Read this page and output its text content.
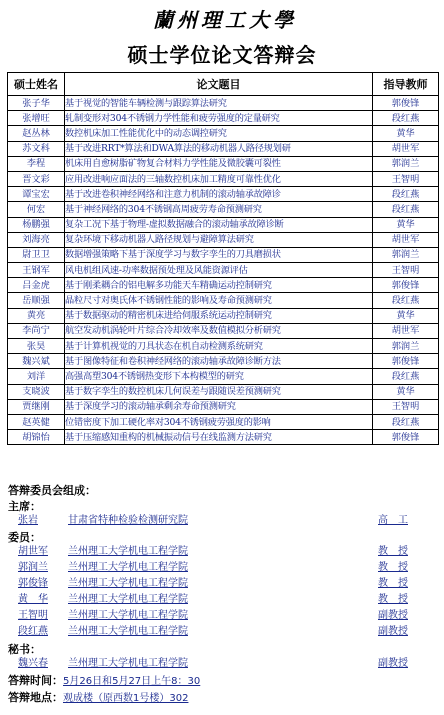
蘭州理工大學
硕士学位论文答辩会
硕士姓名	论文题目	指导教师
张子华	基于视觉的智能车辆检测与跟踪算法研究	郭俊锋
张增旺	轧制变形对304不锈钢力学性能和疲劳强度的定量研究	段红燕
赵丛林	数控机床加工性能优化中的动态调控研究	黄华
苏文科	基于改进RRT*算法和DWA算法的移动机器人路径规划研	胡世军
李程	机床用自愈树脂矿物复合材料力学性能及微胶囊可裂性	郭润兰
晋文彩	应用改进响应面法的三轴数控机床加工精度可靠性优化	王智明
谭宝宏	基于改进卷积神经网络和注意力机制的滚动轴承故障诊	段红燕
何宏	基于神经网络的304不锈钢高周疲劳寿命预测研究	段红燕
杨鹏强	复杂工况下基于物理-虚拟数据融合的滚动轴承故障诊断	黄华
刘海亮	复杂环境下移动机器人路径规划与避障算法研究	胡世军
尉卫卫	数据增强策略下基于深度学习与数字孪生的刀具磨损状	郭润兰
王钢军	风电机组风速-功率数据预处理及风能资源评估	王智明
吕金虎	基于刚柔耦合的铝电解多功能天车精确运动控制研究	郭俊锋
岳顺强	晶粒尺寸对奥氏体不锈钢性能的影响及寿命预测研究	段红燕
黄亮	基于数据驱动的精密机床进给伺服系统运动控制研究	黄华
李尚宁	航空发动机涡轮叶片综合冷却效率及数值模拟分析研究	胡世军
张昊	基于计算机视觉的刀具状态在机自动检测系统研究	郭润兰
魏兴斌	基于图像特征和卷积神经网络的滚动轴承故障诊断方法	郭俊锋
刘洋	高强高塑304不锈钢热变形下本构模型的研究	段红燕
支晓波	基于数字孪生的数控机床几何误差与跟随误差预测研究	黄华
贾继刚	基于深度学习的滚动轴承剩余寿命预测研究	王智明
赵英健	位错密度下加工硬化率对304不锈钢疲劳强度的影响	段红燕
胡锦怡	基于压缩感知重构的机械振动信号在线监测方法研究	郭俊锋
答辩委员会组成：
主席：
张岩	甘肃省特种检验检测研究院	高　工
委员：
胡世军 兰州理工大学机电工程学院	教　授
郭润兰 兰州理工大学机电工程学院	教　授
郭俊锋 兰州理工大学机电工程学院	教　授
黄　华 兰州理工大学机电工程学院	教　授
王智明 兰州理工大学机电工程学院	副教授
段红燕 兰州理工大学机电工程学院	副教授
秘书：
魏兴春 兰州理工大学机电工程学院	副教授
答辩时间：5月26日和5月27日上午8：30
答辩地点：观成楼（原西数1号楼）302
